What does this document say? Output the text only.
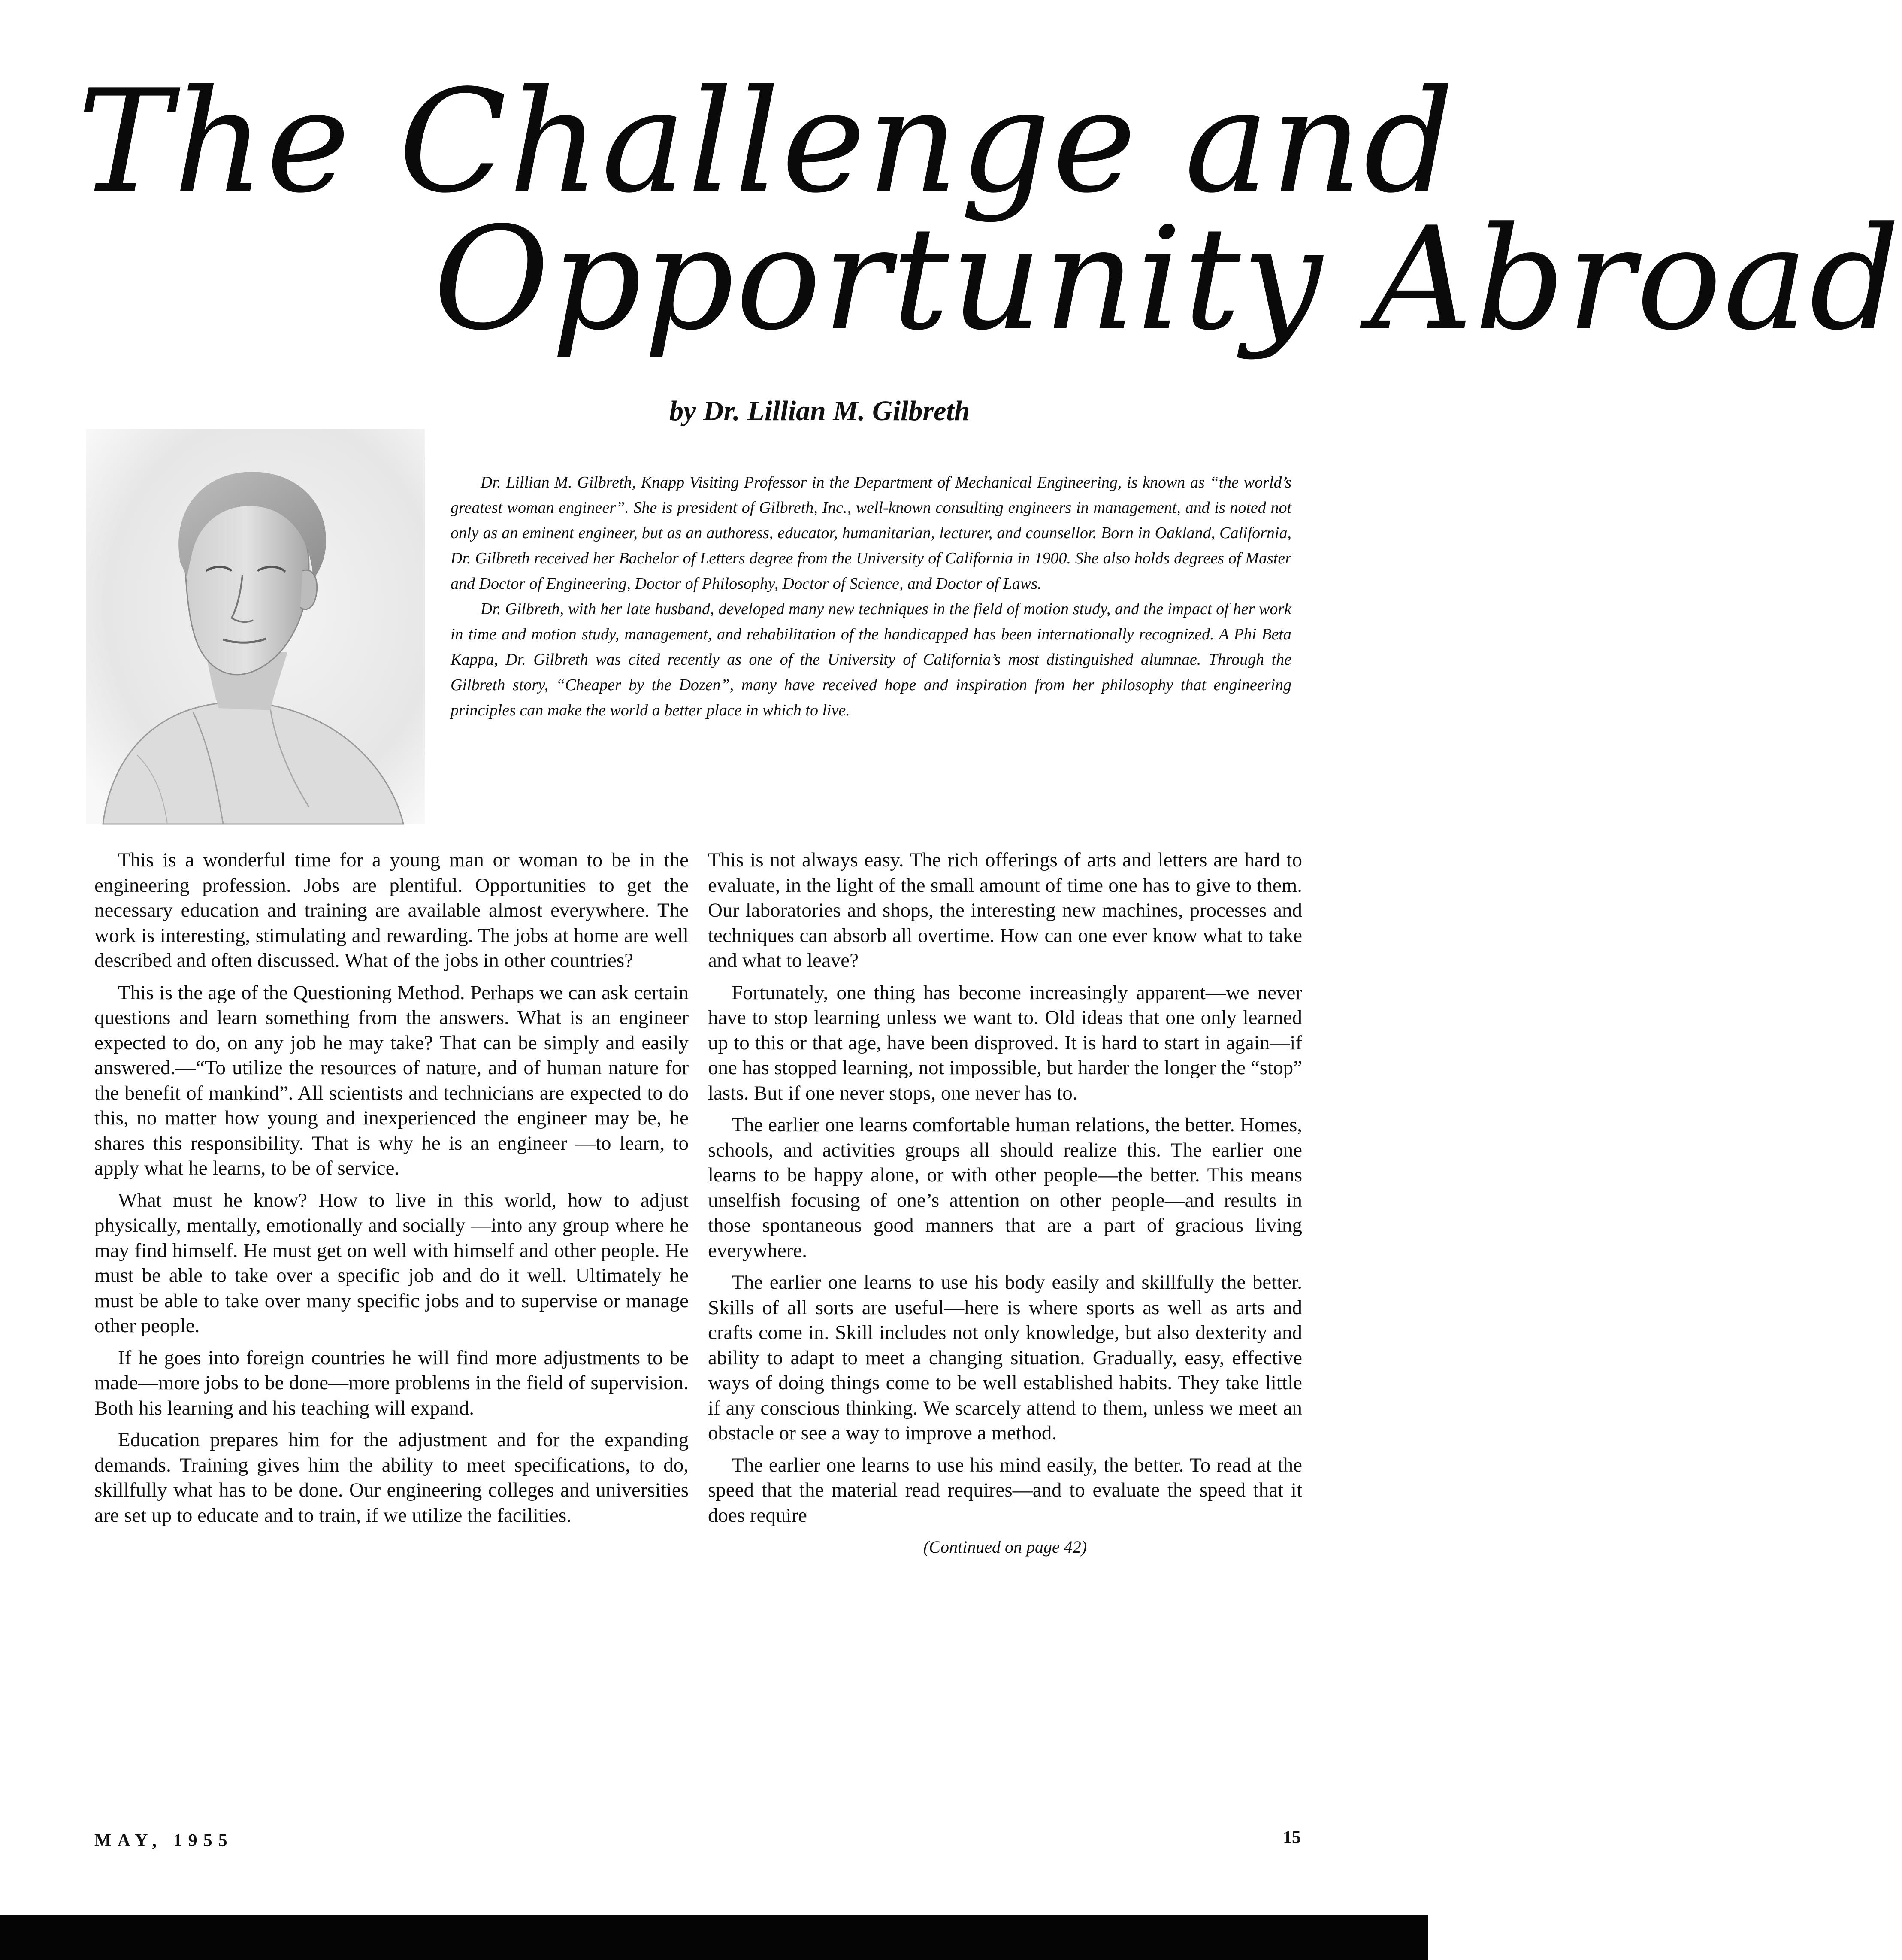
The Challenge and
Opportunity Abroad

by Dr. Lillian M. Gilbreth

Dr. Lillian M. Gilbreth, Knapp Visiting Professor in the Department of Mechanical Engineering, is known as “the world’s greatest woman engineer”. She is president of Gilbreth, Inc., well-known consulting engineers in management, and is noted not only as an eminent engineer, but as an authoress, educator, humanitarian, lecturer, and counsellor. Born in Oakland, California, Dr. Gilbreth received her Bachelor of Letters degree from the University of California in 1900. She also holds degrees of Master and Doctor of Engineering, Doctor of Philosophy, Doctor of Science, and Doctor of Laws.

Dr. Gilbreth, with her late husband, developed many new techniques in the field of motion study, and the impact of her work in time and motion study, management, and rehabilitation of the handicapped has been internationally recognized. A Phi Beta Kappa, Dr. Gilbreth was cited recently as one of the University of California’s most distinguished alumnae. Through the Gilbreth story, “Cheaper by the Dozen”, many have received hope and inspiration from her philosophy that engineering principles can make the world a better place in which to live.

This is a wonderful time for a young man or woman to be in the engineering profession. Jobs are plentiful. Opportunities to get the necessary education and training are available almost everywhere. The work is interesting, stimulating and rewarding. The jobs at home are well described and often discussed. What of the jobs in other countries?

This is the age of the Questioning Method. Perhaps we can ask certain questions and learn something from the answers. What is an engineer expected to do, on any job he may take? That can be simply and easily answered.—“To utilize the resources of nature, and of human nature for the benefit of mankind”. All scientists and technicians are expected to do this, no matter how young and inexperienced the engineer may be, he shares this responsibility. That is why he is an engineer —to learn, to apply what he learns, to be of service.

What must he know? How to live in this world, how to adjust physically, mentally, emotionally and socially —into any group where he may find himself. He must get on well with himself and other people. He must be able to take over a specific job and do it well. Ultimately he must be able to take over many specific jobs and to supervise or manage other people.

If he goes into foreign countries he will find more adjustments to be made—more jobs to be done—more problems in the field of supervision. Both his learning and his teaching will expand.

Education prepares him for the adjustment and for the expanding demands. Training gives him the ability to meet specifications, to do, skillfully what has to be done. Our engineering colleges and universities are set up to educate and to train, if we utilize the facilities.

This is not always easy. The rich offerings of arts and letters are hard to evaluate, in the light of the small amount of time one has to give to them. Our laboratories and shops, the interesting new machines, processes and techniques can absorb all overtime. How can one ever know what to take and what to leave?

Fortunately, one thing has become increasingly apparent—we never have to stop learning unless we want to. Old ideas that one only learned up to this or that age, have been disproved. It is hard to start in again—if one has stopped learning, not impossible, but harder the longer the “stop” lasts. But if one never stops, one never has to.

The earlier one learns comfortable human relations, the better. Homes, schools, and activities groups all should realize this. The earlier one learns to be happy alone, or with other people—the better. This means unselfish focusing of one’s attention on other people—and results in those spontaneous good manners that are a part of gracious living everywhere.

The earlier one learns to use his body easily and skillfully the better. Skills of all sorts are useful—here is where sports as well as arts and crafts come in. Skill includes not only knowledge, but also dexterity and ability to adapt to meet a changing situation. Gradually, easy, effective ways of doing things come to be well established habits. They take little if any conscious thinking. We scarcely attend to them, unless we meet an obstacle or see a way to improve a method.

The earlier one learns to use his mind easily, the better. To read at the speed that the material read requires—and to evaluate the speed that it does require

(Continued on page 42)

MAY, 1955	15
